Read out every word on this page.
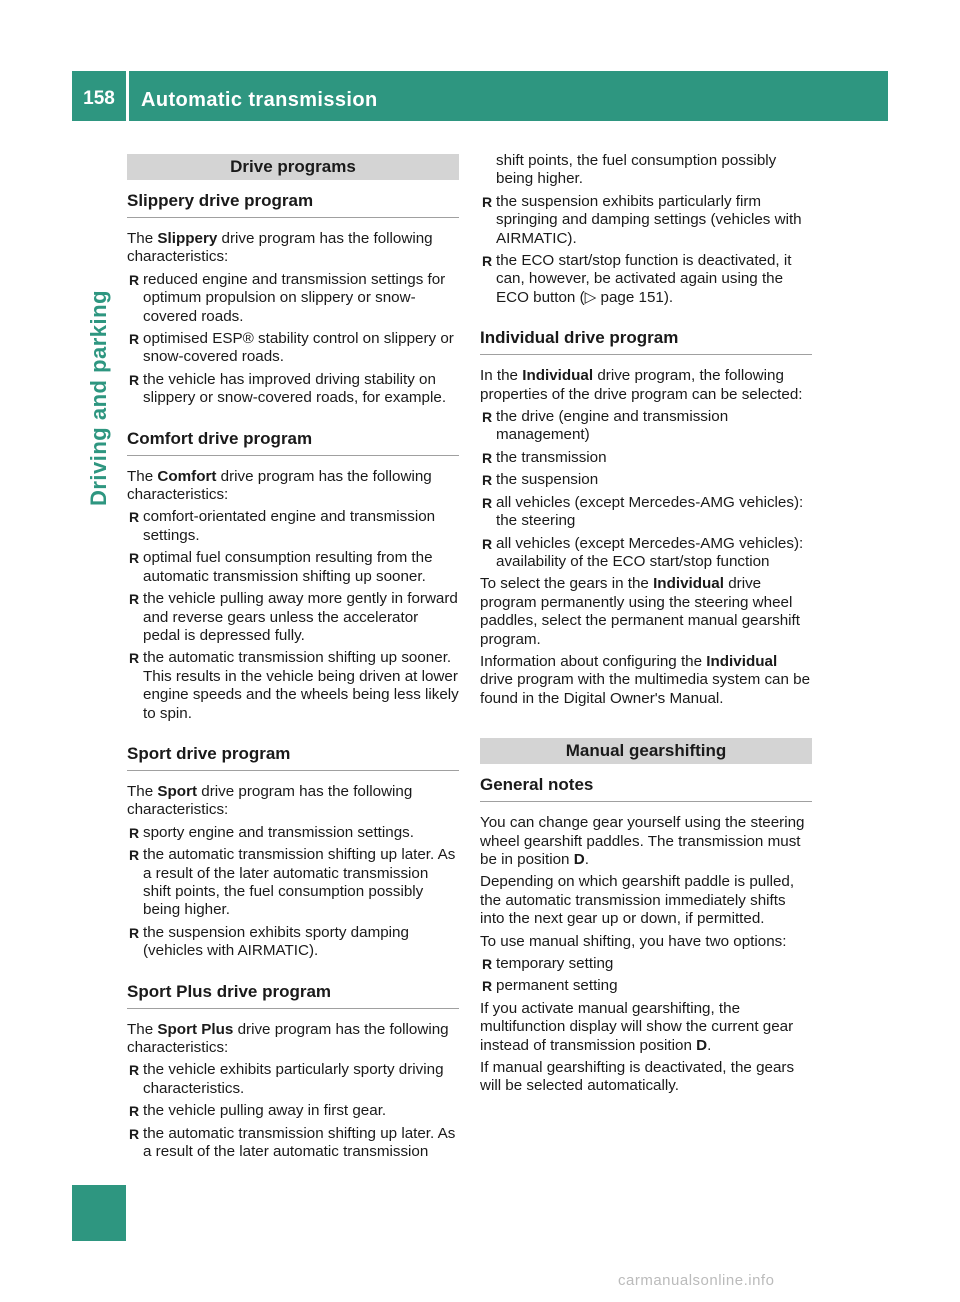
158	Automatic transmission
Driving and parking
Drive programs
Slippery drive program

The Slippery drive program has the following characteristics:

R reduced engine and transmission settings for optimum propulsion on slippery or snow-covered roads.
R optimised ESP® stability control on slippery or snow-covered roads.
R the vehicle has improved driving stability on slippery or snow-covered roads, for example.
Comfort drive program

The Comfort drive program has the following characteristics:

R comfort-orientated engine and transmission settings.
R optimal fuel consumption resulting from the automatic transmission shifting up sooner.
R the vehicle pulling away more gently in forward and reverse gears unless the accelerator pedal is depressed fully.
R the automatic transmission shifting up sooner. This results in the vehicle being driven at lower engine speeds and the wheels being less likely to spin.
Sport drive program

The Sport drive program has the following characteristics:

R sporty engine and transmission settings.
R the automatic transmission shifting up later. As a result of the later automatic transmission shift points, the fuel consumption possibly being higher.
R the suspension exhibits sporty damping (vehicles with AIRMATIC).
Sport Plus drive program

The Sport Plus drive program has the following characteristics:

R the vehicle exhibits particularly sporty driving characteristics.
R the vehicle pulling away in first gear.
R the automatic transmission shifting up later. As a result of the later automatic transmission
shift points, the fuel consumption possibly being higher.
R the suspension exhibits particularly firm springing and damping settings (vehicles with AIRMATIC).
R the ECO start/stop function is deactivated, it can, however, be activated again using the ECO button (▷ page 151).
Individual drive program

In the Individual drive program, the following properties of the drive program can be selected:

R the drive (engine and transmission management)
R the transmission
R the suspension
R all vehicles (except Mercedes-AMG vehicles): the steering
R all vehicles (except Mercedes-AMG vehicles): availability of the ECO start/stop function

To select the gears in the Individual drive program permanently using the steering wheel paddles, select the permanent manual gearshift program.

Information about configuring the Individual drive program with the multimedia system can be found in the Digital Owner's Manual.

Manual gearshifting
General notes

You can change gear yourself using the steering wheel gearshift paddles. The transmission must be in position D.

Depending on which gearshift paddle is pulled, the automatic transmission immediately shifts into the next gear up or down, if permitted.

To use manual shifting, you have two options:

R temporary setting
R permanent setting

If you activate manual gearshifting, the multifunction display will show the current gear instead of transmission position D.

If manual gearshifting is deactivated, the gears will be selected automatically.

carmanualsonline.info
